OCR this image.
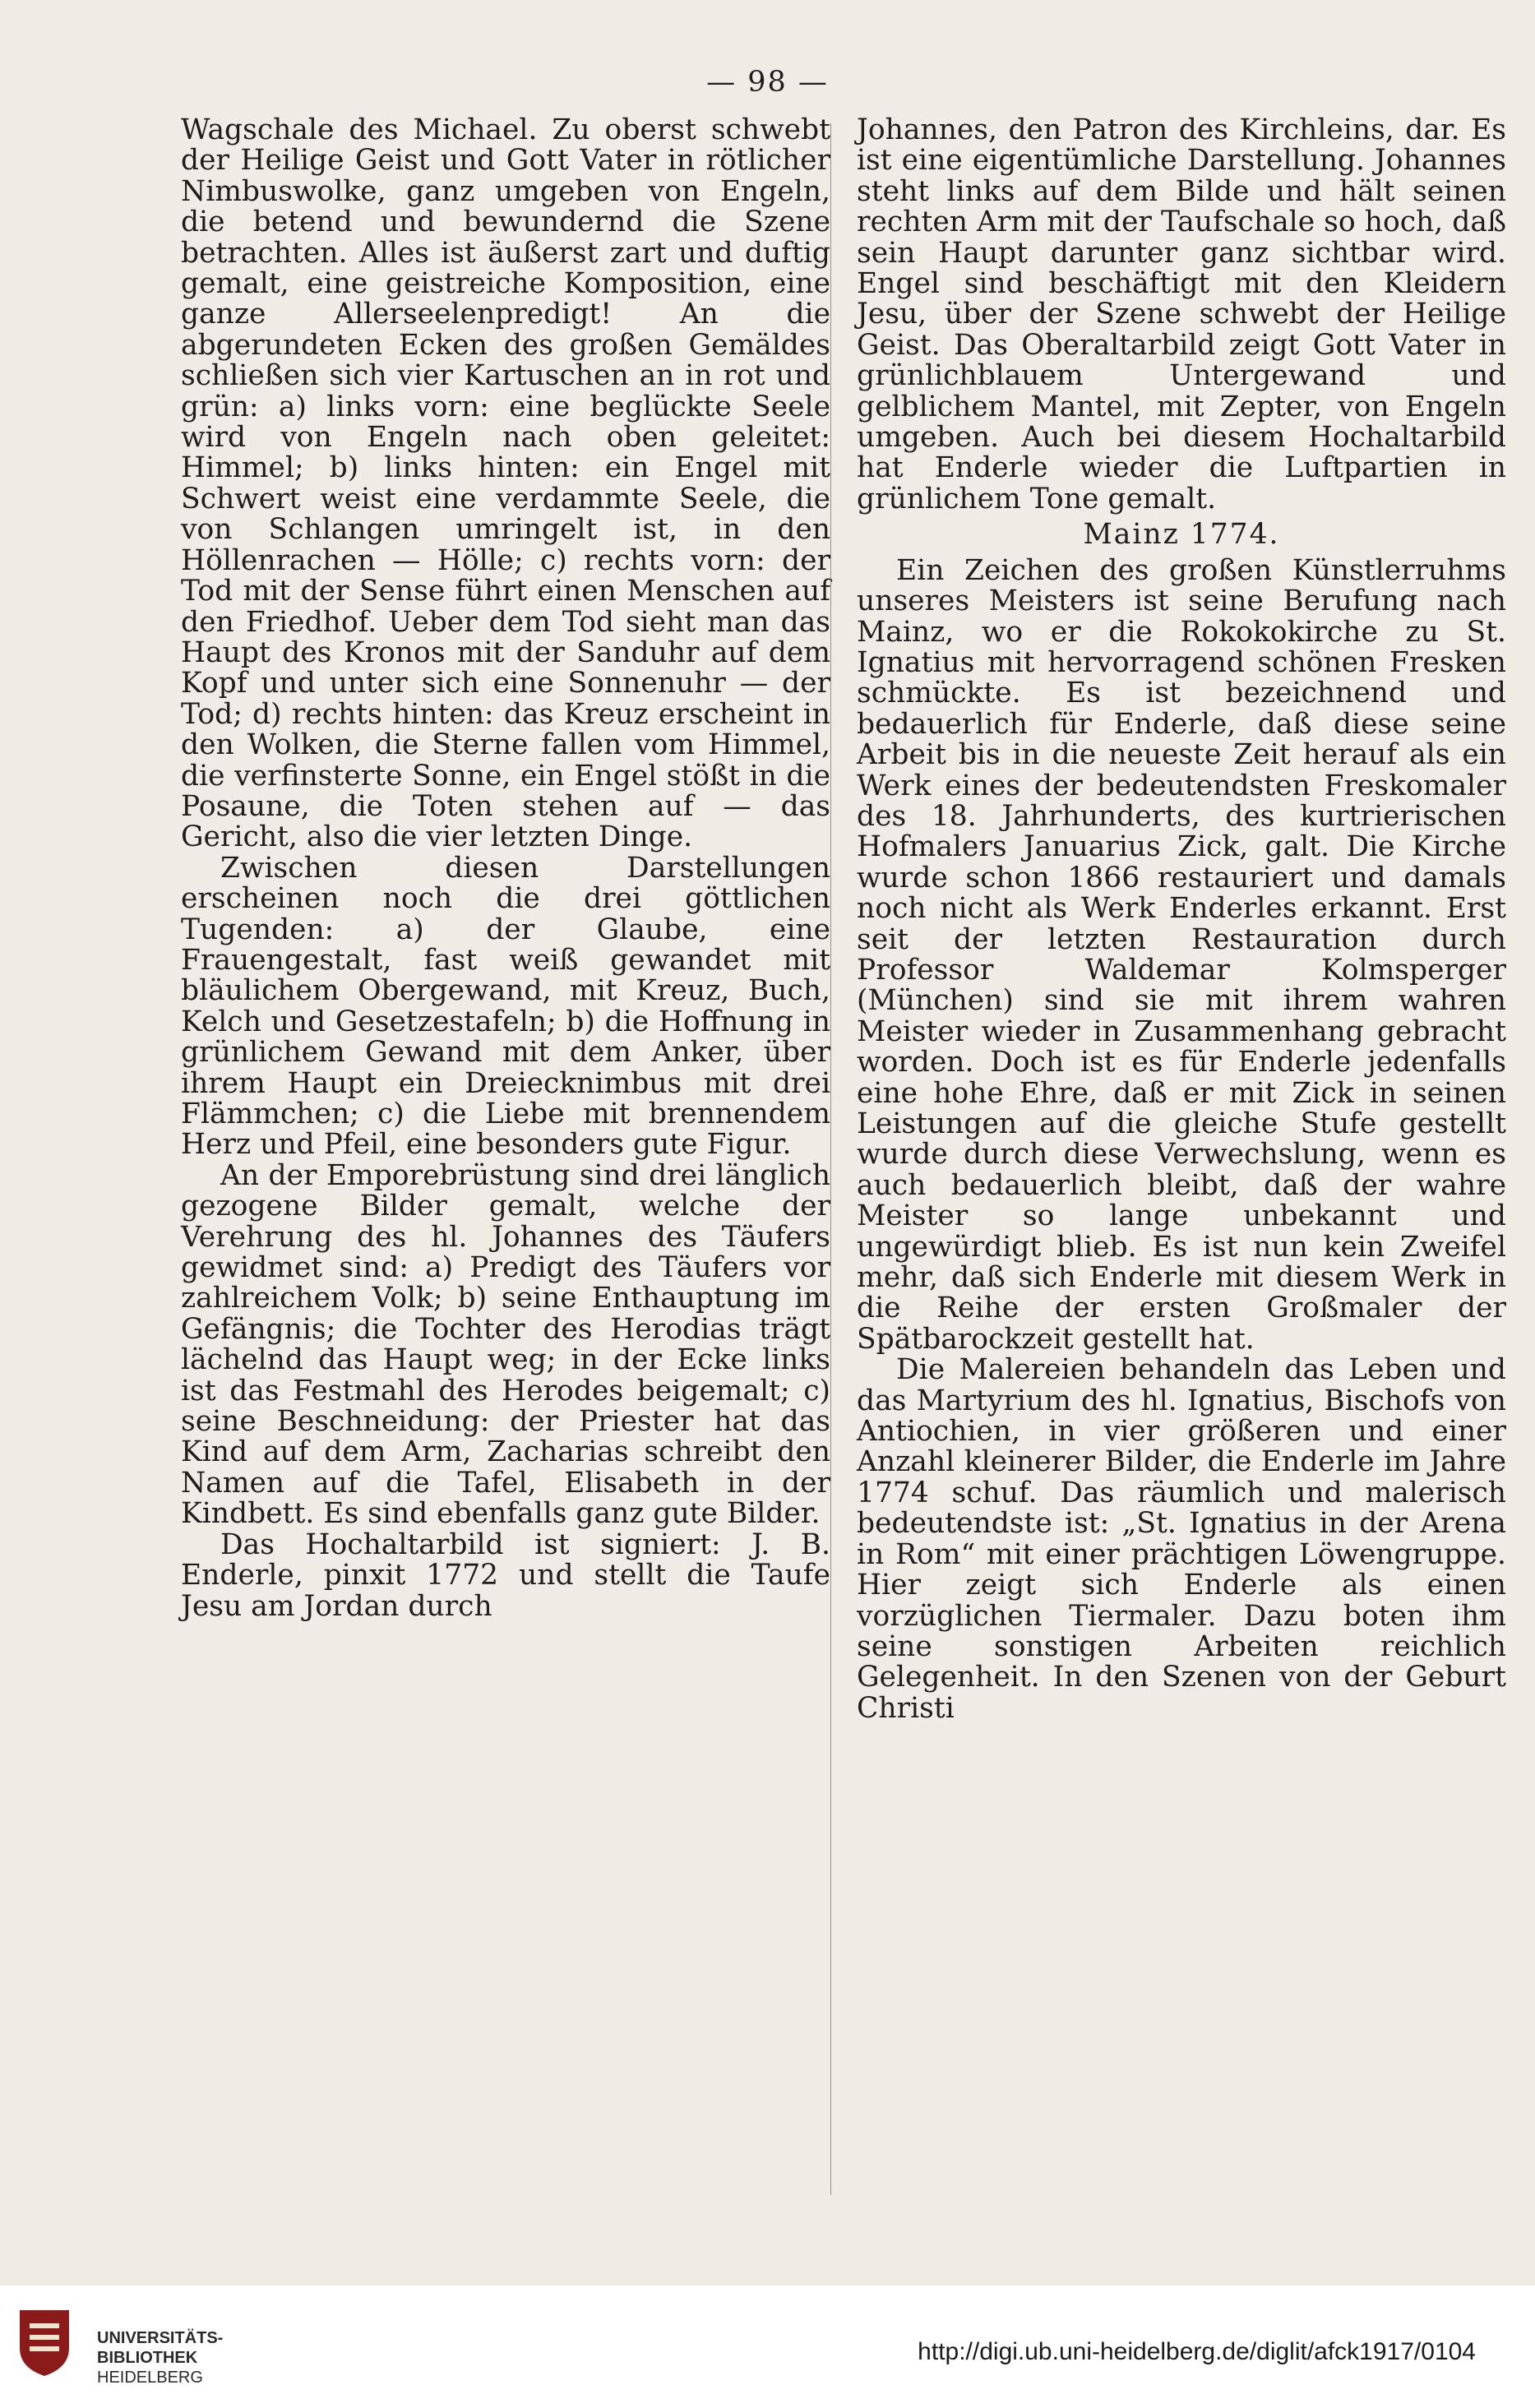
— 98 —

Wagschale des Michael. Zu oberst schwebt der Heilige Geist und Gott Vater in rötlicher Nimbuswolke, ganz umgeben von Engeln, die betend und bewundernd die Szene betrachten. Alles ist äußerst zart und duftig gemalt, eine geistreiche Komposition, eine ganze Allerseelenpredigt! An die abgerundeten Ecken des großen Gemäldes schließen sich vier Kartuschen an in rot und grün: a) links vorn: eine beglückte Seele wird von Engeln nach oben geleitet: Himmel; b) links hinten: ein Engel mit Schwert weist eine verdammte Seele, die von Schlangen umringelt ist, in den Höllenrachen — Hölle; c) rechts vorn: der Tod mit der Sense führt einen Menschen auf den Friedhof. Ueber dem Tod sieht man das Haupt des Kronos mit der Sanduhr auf dem Kopf und unter sich eine Sonnenuhr — der Tod; d) rechts hinten: das Kreuz erscheint in den Wolken, die Sterne fallen vom Himmel, die verfinsterte Sonne, ein Engel stößt in die Posaune, die Toten stehen auf — das Gericht, also die vier letzten Dinge.

Zwischen diesen Darstellungen erscheinen noch die drei göttlichen Tugenden: a) der Glaube, eine Frauengestalt, fast weiß gewandet mit bläulichem Obergewand, mit Kreuz, Buch, Kelch und Gesetzestafeln; b) die Hoffnung in grünlichem Gewand mit dem Anker, über ihrem Haupt ein Dreiecknimbus mit drei Flämmchen; c) die Liebe mit brennendem Herz und Pfeil, eine besonders gute Figur.

An der Emporebrüstung sind drei länglich gezogene Bilder gemalt, welche der Verehrung des hl. Johannes des Täufers gewidmet sind: a) Predigt des Täufers vor zahlreichem Volk; b) seine Enthauptung im Gefängnis; die Tochter des Herodias trägt lächelnd das Haupt weg; in der Ecke links ist das Festmahl des Herodes beigemalt; c) seine Beschneidung: der Priester hat das Kind auf dem Arm, Zacharias schreibt den Namen auf die Tafel, Elisabeth in der Kindbett. Es sind ebenfalls ganz gute Bilder.

Das Hochaltarbild ist signiert: J. B. Enderle, pinxit 1772 und stellt die Taufe Jesu am Jordan durch

Johannes, den Patron des Kirchleins, dar. Es ist eine eigentümliche Darstellung. Johannes steht links auf dem Bilde und hält seinen rechten Arm mit der Taufschale so hoch, daß sein Haupt darunter ganz sichtbar wird. Engel sind beschäftigt mit den Kleidern Jesu, über der Szene schwebt der Heilige Geist. Das Oberaltarbild zeigt Gott Vater in grünlichblauem Untergewand und gelblichem Mantel, mit Zepter, von Engeln umgeben. Auch bei diesem Hochaltarbild hat Enderle wieder die Luftpartien in grünlichem Tone gemalt.

Mainz 1774.

Ein Zeichen des großen Künstlerruhms unseres Meisters ist seine Berufung nach Mainz, wo er die Rokokokirche zu St. Ignatius mit hervorragend schönen Fresken schmückte. Es ist bezeichnend und bedauerlich für Enderle, daß diese seine Arbeit bis in die neueste Zeit herauf als ein Werk eines der bedeutendsten Freskomaler des 18. Jahrhunderts, des kurtrierischen Hofmalers Januarius Zick, galt. Die Kirche wurde schon 1866 restauriert und damals noch nicht als Werk Enderles erkannt. Erst seit der letzten Restauration durch Professor Waldemar Kolmsperger (München) sind sie mit ihrem wahren Meister wieder in Zusammenhang gebracht worden. Doch ist es für Enderle jedenfalls eine hohe Ehre, daß er mit Zick in seinen Leistungen auf die gleiche Stufe gestellt wurde durch diese Verwechslung, wenn es auch bedauerlich bleibt, daß der wahre Meister so lange unbekannt und ungewürdigt blieb. Es ist nun kein Zweifel mehr, daß sich Enderle mit diesem Werk in die Reihe der ersten Großmaler der Spätbarockzeit gestellt hat.

Die Malereien behandeln das Leben und das Martyrium des hl. Ignatius, Bischofs von Antiochien, in vier größeren und einer Anzahl kleinerer Bilder, die Enderle im Jahre 1774 schuf. Das räumlich und malerisch bedeutendste ist: „St. Ignatius in der Arena in Rom“ mit einer prächtigen Löwengruppe. Hier zeigt sich Enderle als einen vorzüglichen Tiermaler. Dazu boten ihm seine sonstigen Arbeiten reichlich Gelegenheit. In den Szenen von der Geburt Christi

UNIVERSITÄTS-
BIBLIOTHEK
HEIDELBERG
http://digi.ub.uni-heidelberg.de/diglit/afck1917/0104
